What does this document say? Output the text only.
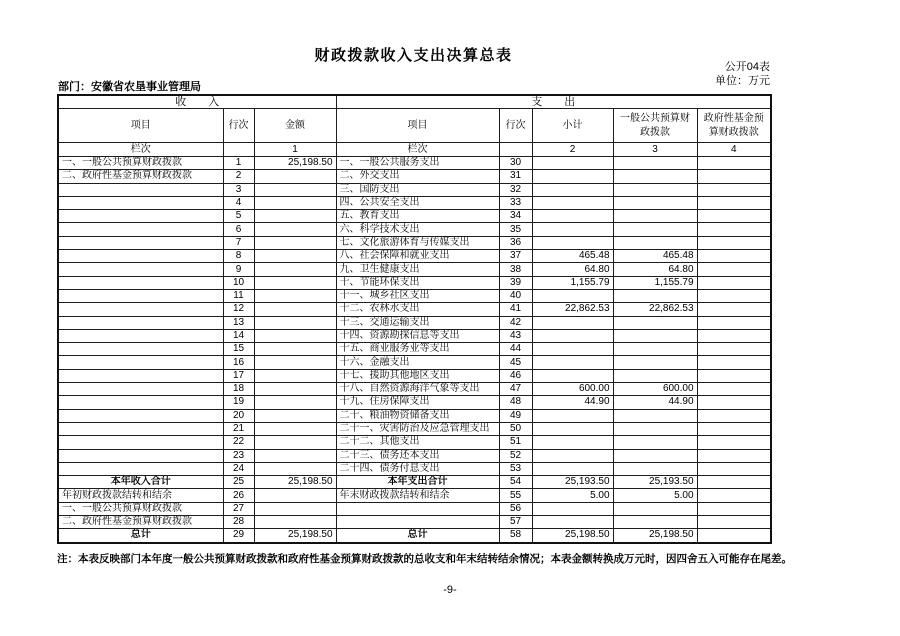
财政拨款收入支出决算总表
公开04表
单位：万元
部门：安徽省农垦事业管理局
收　　入			支　　出				
项目	行次	金额	项目	行次	小计	一般公共预算财政拨款	政府性基金预算财政拨款
栏次		1	栏次		2	3	4
一、一般公共预算财政拨款	1	25,198.50	一、一般公共服务支出	30			
二、政府性基金预算财政拨款	2		二、外交支出	31			
	3		三、国防支出	32			
	4		四、公共安全支出	33			
	5		五、教育支出	34			
	6		六、科学技术支出	35			
	7		七、文化旅游体育与传媒支出	36			
	8		八、社会保障和就业支出	37	465.48	465.48	
	9		九、卫生健康支出	38	64.80	64.80	
	10		十、节能环保支出	39	1,155.79	1,155.79	
	11		十一、城乡社区支出	40			
	12		十二、农林水支出	41	22,862.53	22,862.53	
	13		十三、交通运输支出	42			
	14		十四、资源勘探信息等支出	43			
	15		十五、商业服务业等支出	44			
	16		十六、金融支出	45			
	17		十七、援助其他地区支出	46			
	18		十八、自然资源海洋气象等支出	47	600.00	600.00	
	19		十九、住房保障支出	48	44.90	44.90	
	20		二十、粮油物资储备支出	49			
	21		二十一、灾害防治及应急管理支出	50			
	22		二十二、其他支出	51			
	23		二十三、债务还本支出	52			
	24		二十四、债务付息支出	53			
本年收入合计	25	25,198.50	本年支出合计	54	25,193.50	25,193.50	
年初财政拨款结转和结余	26		年末财政拨款结转和结余	55	5.00	5.00	
一、一般公共预算财政拨款	27			56			
二、政府性基金预算财政拨款	28			57			
总计	29	25,198.50	总计	58	25,198.50	25,198.50	
注：本表反映部门本年度一般公共预算财政拨款和政府性基金预算财政拨款的总收支和年末结转结余情况；本表金额转换成万元时，因四舍五入可能存在尾差。
-9-
